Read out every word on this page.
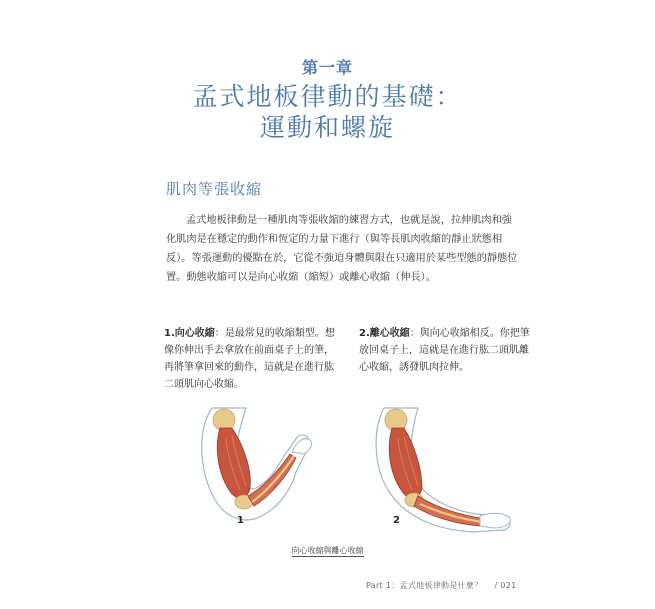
第一章
孟式地板律動的基礎：
運動和螺旋
肌肉等張收縮

孟式地板律動是一種肌肉等張收縮的練習方式，也就是說，拉伸肌肉和強化肌肉是在穩定的動作和恆定的力量下進行（與等長肌肉收縮的靜止狀態相反）。等張運動的優點在於，它從不強迫身體與限在只適用於某些型態的靜態位置。動態收縮可以是向心收縮（縮短）或離心收縮（伸長）。

1.向心收縮：是最常見的收縮類型。想像你伸出手去拿放在前面桌子上的筆，再將筆拿回來的動作，這就是在進行肱二頭肌向心收縮。
2.離心收縮：與向心收縮相反。你把筆放回桌子上，這就是在進行肱二頭肌離心收縮，誘發肌肉拉伸。
1	2
向心收縮與離心收縮
Part 1：孟式地板律動是什麼？ / 021
